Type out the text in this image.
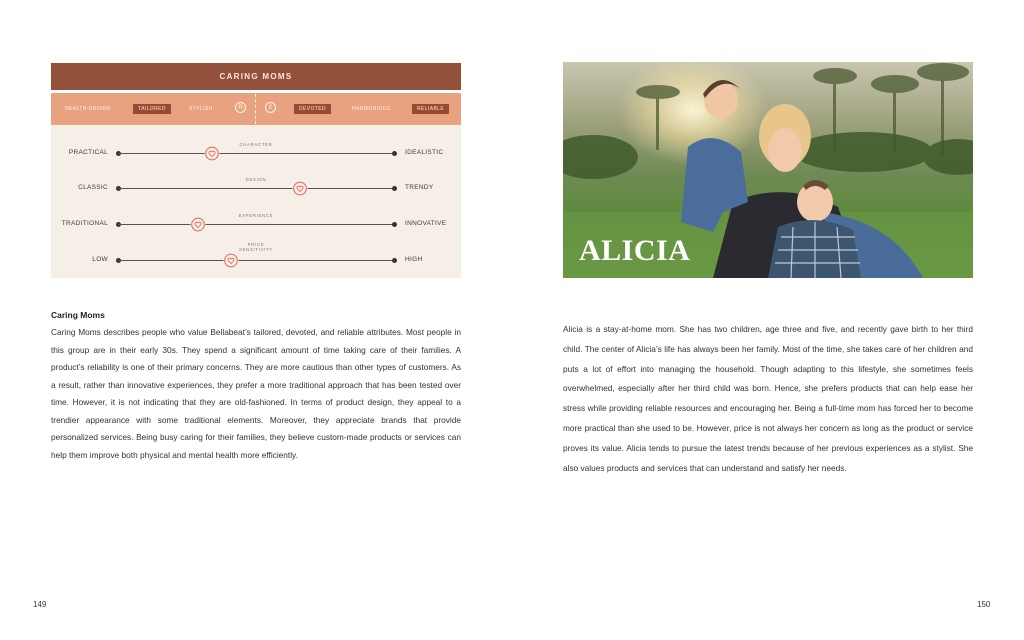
CARING MOMS
HEALTH-DRIVEN	TAILORED	STYLISH	R	£	DEVOTED	HARMONIOUS	RELIABLE
PRACTICAL
CHARACTER
IDEALISTIC
CLASSIC
DESIGN
TRENDY
TRADITIONAL
EXPERIENCE
INNOVATIVE
LOW
PRICE SENSITIVITY
HIGH
Caring Moms

Caring Moms describes people who value Bellabeat’s tailored, devoted, and reliable attributes. Most people in this group are in their early 30s. They spend a significant amount of time taking care of their families. A product’s reliability is one of their primary concerns. They are more cautious than other types of customers. As a result, rather than innovative experiences, they prefer a more traditional approach that has been tested over time. However, it is not indicating that they are old-fashioned. In terms of product design, they appeal to a trendier appearance with some traditional elements. Moreover, they appreciate brands that provide personalized services. Being busy caring for their families, they believe custom-made products or services can help them improve both physical and mental health more efficiently.

149
ALICIA

Alicia is a stay-at-home mom. She has two children, age three and five, and recently gave birth to her third child. The center of Alicia’s life has always been her family. Most of the time, she takes care of her children and puts a lot of effort into managing the household. Though adapting to this lifestyle, she sometimes feels overwhelmed, especially after her third child was born. Hence, she prefers products that can help ease her stress while providing reliable resources and encouraging her. Being a full-time mom has forced her to become more practical than she used to be. However, price is not always her concern as long as the product or service proves its value. Alicia tends to pursue the latest trends because of her previous experiences as a stylist. She also values products and services that can understand and satisfy her needs.

150
